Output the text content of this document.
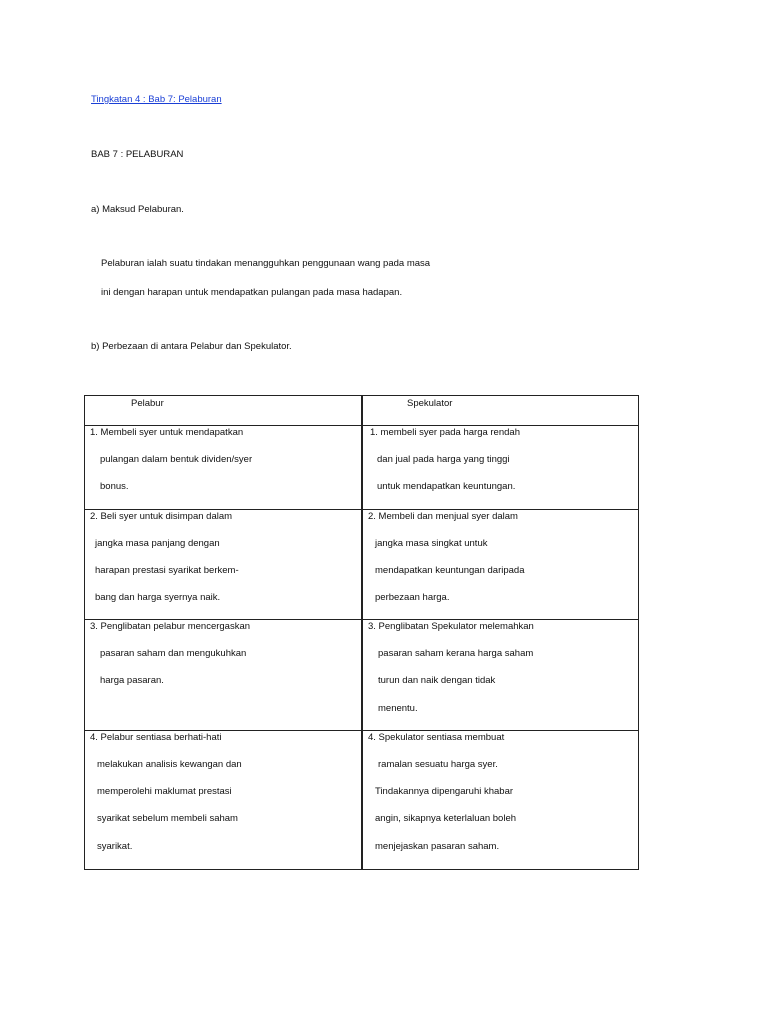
Tingkatan 4 : Bab 7: Pelaburan
BAB 7 : PELABURAN
a) Maksud Pelaburan.
Pelaburan ialah suatu tindakan menangguhkan penggunaan wang pada masa
ini dengan harapan untuk mendapatkan pulangan pada masa hadapan.
b) Perbezaan di antara Pelabur dan Spekulator.
Pelabur	Spekulator
1. Membeli syer untuk mendapatkan
pulangan dalam bentuk dividen/syer
bonus.
1. membeli syer pada harga rendah
dan jual pada harga yang tinggi
untuk mendapatkan keuntungan.
2. Beli syer untuk disimpan dalam
jangka masa panjang dengan
harapan prestasi syarikat berkem-
bang dan harga syernya naik.
2. Membeli dan menjual syer dalam
jangka masa singkat untuk
mendapatkan keuntungan daripada
perbezaan harga.
3. Penglibatan pelabur mencergaskan
pasaran saham dan mengukuhkan
harga pasaran.
3. Penglibatan Spekulator melemahkan
pasaran saham kerana harga saham
turun dan naik dengan tidak
menentu.
4. Pelabur sentiasa berhati-hati
melakukan analisis kewangan dan
memperolehi maklumat prestasi
syarikat sebelum membeli saham
syarikat.
4. Spekulator sentiasa membuat
ramalan sesuatu harga syer.
Tindakannya dipengaruhi khabar
angin, sikapnya keterlaluan boleh
menjejaskan pasaran saham.
